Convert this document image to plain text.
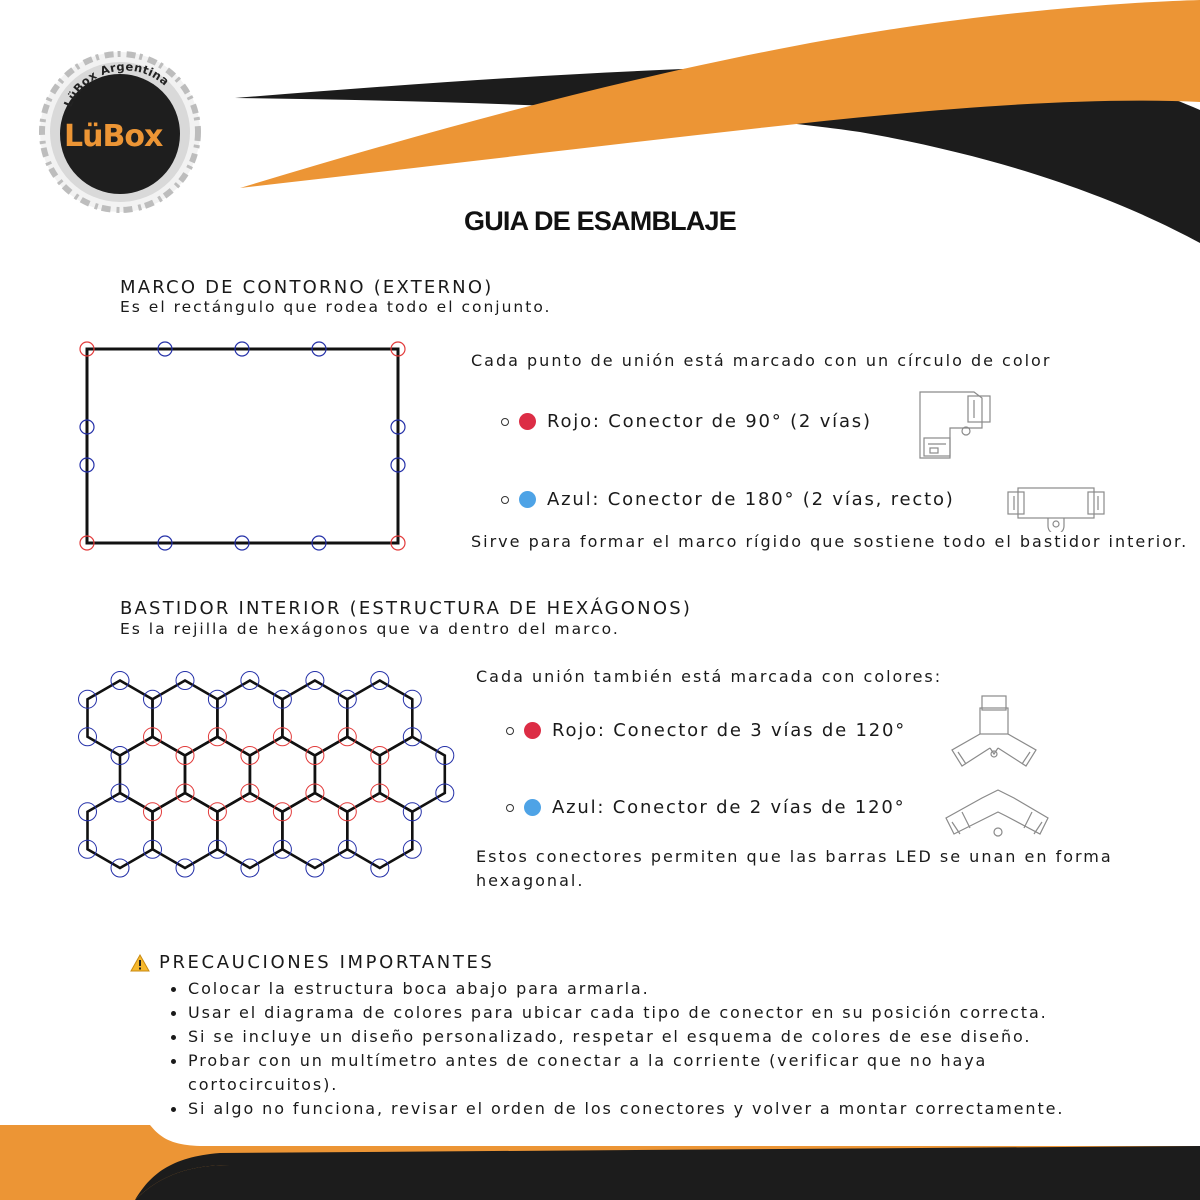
LüBox Argentina
LüBox
GUIA DE ESAMBLAJE
MARCO DE CONTORNO (EXTERNO)
Es el rectángulo que rodea todo el conjunto.
Cada punto de unión está marcado con un círculo de color
Rojo: Conector de 90° (2 vías)
Azul: Conector de 180° (2 vías, recto)
Sirve para formar el marco rígido que sostiene todo el bastidor interior.
BASTIDOR INTERIOR (ESTRUCTURA DE HEXÁGONOS)
Es la rejilla de hexágonos que va dentro del marco.
Cada unión también está marcada con colores:
Rojo: Conector de 3 vías de 120°
Azul: Conector de 2 vías de 120°
Estos conectores permiten que las barras LED se unan en forma
hexagonal.
PRECAUCIONES IMPORTANTES
Colocar la estructura boca abajo para armarla.
Usar el diagrama de colores para ubicar cada tipo de conector en su posición correcta.
Si se incluye un diseño personalizado, respetar el esquema de colores de ese diseño.
Probar con un multímetro antes de conectar a la corriente (verificar que no haya cortocircuitos).
Si algo no funciona, revisar el orden de los conectores y volver a montar correctamente.
